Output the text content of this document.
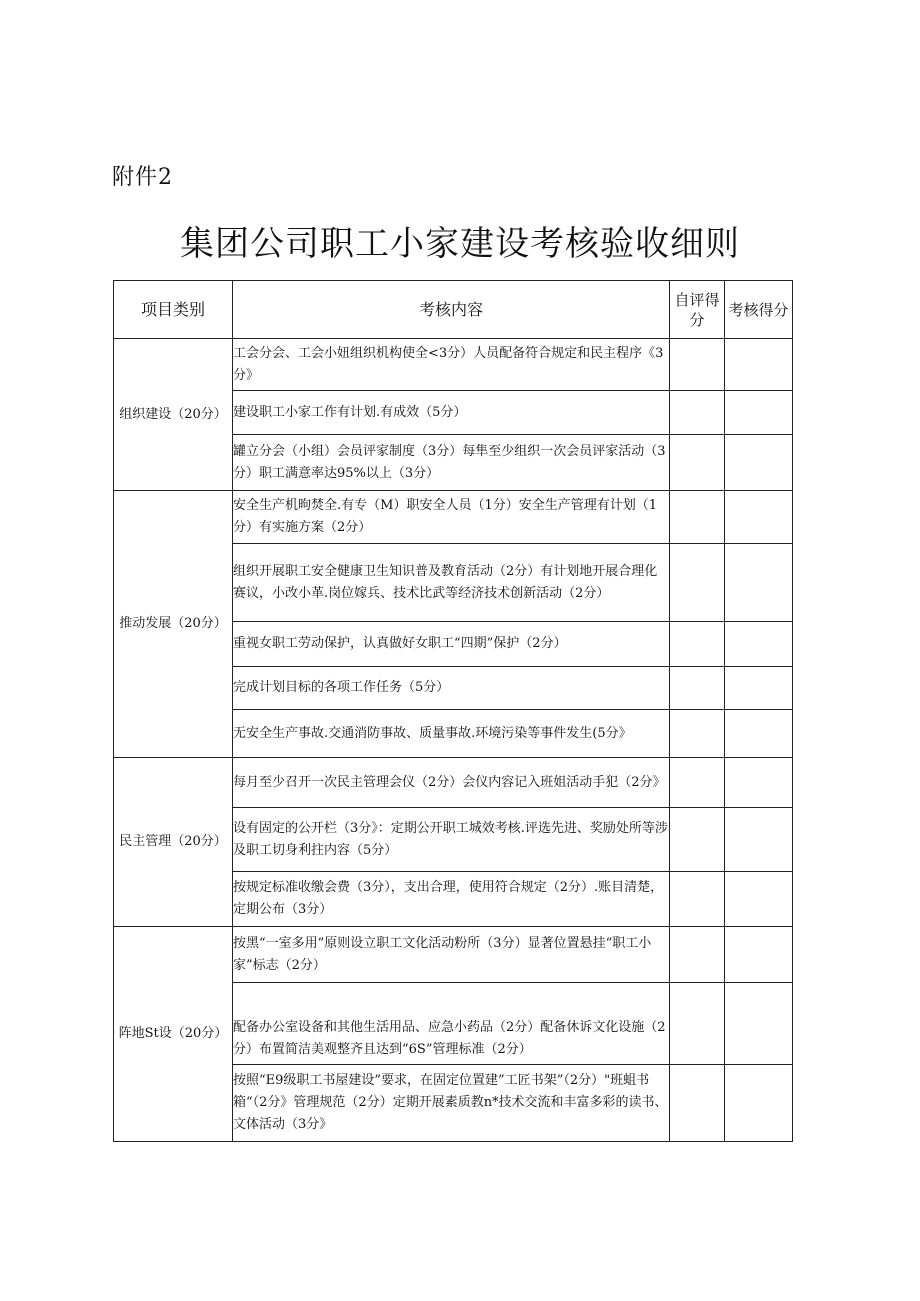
附件2
集团公司职工小家建设考核验收细则
项目类别	考核内容	自评得分	考核得分
组织建设（20分）	工会分会、工会小妞组织机构使全<3分）人员配备符合规定和民主程序《3分》		
	建设职工小家工作有计划.有成效（5分）		
	罐立分会（小组）会员评家制度（3分）每隼至少组织一次会员评家活动（3分）职工满意率达95%以上（3分）		
推动发展（20分）	安全生产机昫焚全.有专（M）职安全人员（1分）安全生产管理有计划（1分）有实施方案（2分）		
	组织开展职工安全健康卫生知识普及教育活动（2分）有计划地开展合理化赛议，小改小革.岗位嫁兵、技术比武等经济技术创新活动（2分）		
	重视女职工劳动保护，认真做好女职工“四期”保护（2分）		
	完成计划目标的各项工作任务（5分）		
	无安全生产事故.交通消防事故、质量事故.环境污染等事件发生(5分》		
民主管理（20分）	每月至少召开一次民主管理会仪（2分）会仪内容记入班姐活动手犯（2分》		
	设有固定的公开栏（3分》：定期公开职工城效考核.评选先进、奖励处所等涉及职工切身利拄内容（5分）		
	按规定标准收缴会费（3分），支出合理，使用符合规定（2分）.账目清楚，定期公布（3分）		
阵地St设（20分）	按黑“一室多用”原则设立职工文化活动粉所（3分）显著位置悬挂“职工小家”标志（2分）		
	配备办公室设备和其他生活用品、应急小药品（2分）配备休诉文化设施（2分）布置简洁美观整齐且达到“6S”管理标准（2分）		
	按照“E9级职工书屋建设”要求，在固定位置建”工匠书架”（2分）"班蛆书箱“（2分》管理规范（2分）定期开展素质教n*技术交流和丰富多彩的读书、文体活动（3分》		
